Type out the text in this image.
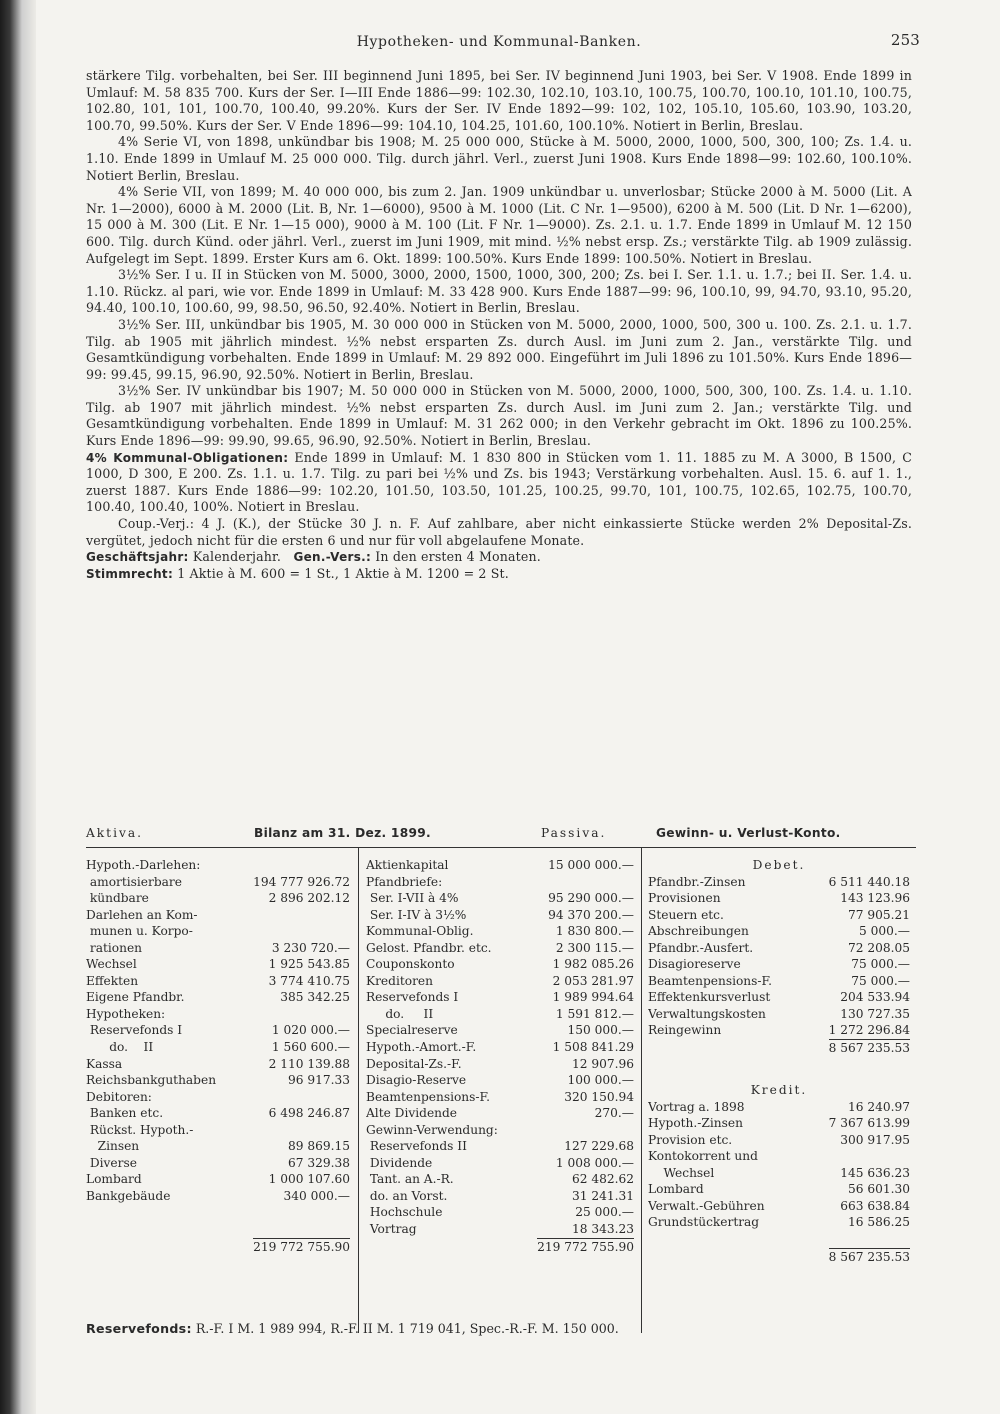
Hypotheken- und Kommunal-Banken.	253

stärkere Tilg. vorbehalten, bei Ser. III beginnend Juni 1895, bei Ser. IV beginnend Juni 1903, bei Ser. V 1908. Ende 1899 in Umlauf: M. 58 835 700. Kurs der Ser. I—III Ende 1886—99: 102.30, 102.10, 103.10, 100.75, 100.70, 100.10, 101.10, 100.75, 102.80, 101, 101, 100.70, 100.40, 99.20%. Kurs der Ser. IV Ende 1892—99: 102, 102, 105.10, 105.60, 103.90, 103.20, 100.70, 99.50%. Kurs der Ser. V Ende 1896—99: 104.10, 104.25, 101.60, 100.10%. Notiert in Berlin, Breslau.

4% Serie VI, von 1898, unkündbar bis 1908; M. 25 000 000, Stücke à M. 5000, 2000, 1000, 500, 300, 100; Zs. 1.4. u. 1.10. Ende 1899 in Umlauf M. 25 000 000. Tilg. durch jährl. Verl., zuerst Juni 1908. Kurs Ende 1898—99: 102.60, 100.10%. Notiert Berlin, Breslau.

4% Serie VII, von 1899; M. 40 000 000, bis zum 2. Jan. 1909 unkündbar u. unverlosbar; Stücke 2000 à M. 5000 (Lit. A Nr. 1—2000), 6000 à M. 2000 (Lit. B, Nr. 1—6000), 9500 à M. 1000 (Lit. C Nr. 1—9500), 6200 à M. 500 (Lit. D Nr. 1—6200), 15 000 à M. 300 (Lit. E Nr. 1—15 000), 9000 à M. 100 (Lit. F Nr. 1—9000). Zs. 2.1. u. 1.7. Ende 1899 in Umlauf M. 12 150 600. Tilg. durch Künd. oder jährl. Verl., zuerst im Juni 1909, mit mind. ½% nebst ersp. Zs.; verstärkte Tilg. ab 1909 zulässig. Aufgelegt im Sept. 1899. Erster Kurs am 6. Okt. 1899: 100.50%. Kurs Ende 1899: 100.50%. Notiert in Breslau.

3½% Ser. I u. II in Stücken von M. 5000, 3000, 2000, 1500, 1000, 300, 200; Zs. bei I. Ser. 1.1. u. 1.7.; bei II. Ser. 1.4. u. 1.10. Rückz. al pari, wie vor. Ende 1899 in Umlauf: M. 33 428 900. Kurs Ende 1887—99: 96, 100.10, 99, 94.70, 93.10, 95.20, 94.40, 100.10, 100.60, 99, 98.50, 96.50, 92.40%. Notiert in Berlin, Breslau.

3½% Ser. III, unkündbar bis 1905, M. 30 000 000 in Stücken von M. 5000, 2000, 1000, 500, 300 u. 100. Zs. 2.1. u. 1.7. Tilg. ab 1905 mit jährlich mindest. ½% nebst ersparten Zs. durch Ausl. im Juni zum 2. Jan., verstärkte Tilg. und Gesamtkündigung vorbehalten. Ende 1899 in Umlauf: M. 29 892 000. Eingeführt im Juli 1896 zu 101.50%. Kurs Ende 1896—99: 99.45, 99.15, 96.90, 92.50%. Notiert in Berlin, Breslau.

3½% Ser. IV unkündbar bis 1907; M. 50 000 000 in Stücken von M. 5000, 2000, 1000, 500, 300, 100. Zs. 1.4. u. 1.10. Tilg. ab 1907 mit jährlich mindest. ½% nebst ersparten Zs. durch Ausl. im Juni zum 2. Jan.; verstärkte Tilg. und Gesamtkündigung vorbehalten. Ende 1899 in Umlauf: M. 31 262 000; in den Verkehr gebracht im Okt. 1896 zu 100.25%. Kurs Ende 1896—99: 99.90, 99.65, 96.90, 92.50%. Notiert in Berlin, Breslau.

4% Kommunal-Obligationen: Ende 1899 in Umlauf: M. 1 830 800 in Stücken vom 1. 11. 1885 zu M. A 3000, B 1500, C 1000, D 300, E 200. Zs. 1.1. u. 1.7. Tilg. zu pari bei ½% und Zs. bis 1943; Verstärkung vorbehalten. Ausl. 15. 6. auf 1. 1., zuerst 1887. Kurs Ende 1886—99: 102.20, 101.50, 103.50, 101.25, 100.25, 99.70, 101, 100.75, 102.65, 102.75, 100.70, 100.40, 100.40, 100%. Notiert in Breslau.

Coup.-Verj.: 4 J. (K.), der Stücke 30 J. n. F. Auf zahlbare, aber nicht einkassierte Stücke werden 2% Deposital-Zs. vergütet, jedoch nicht für die ersten 6 und nur für voll abgelaufene Monate.

Geschäftsjahr: Kalenderjahr. Gen.-Vers.: In den ersten 4 Monaten.

Stimmrecht: 1 Aktie à M. 600 = 1 St., 1 Aktie à M. 1200 = 2 St.

Aktiva.	Bilanz am 31. Dez. 1899.	Passiva.	Gewinn- u. Verlust-Konto.
Hypoth.-Darlehen:
amortisierbare	194 777 926.72
kündbare	2 896 202.12
Darlehen an Kom-
munen u. Korpo-
rationen	3 230 720.—
Wechsel	1 925 543.85
Effekten	3 774 410.75
Eigene Pfandbr.	385 342.25
Hypotheken:
Reservefonds I	1 020 000.—
do.    II	1 560 600.—
Kassa	2 110 139.88
Reichsbankguthaben	96 917.33
Debitoren:
Banken etc.	6 498 246.87
Rückst. Hypoth.-
Zinsen	89 869.15
Diverse	67 329.38
Lombard	1 000 107.60
Bankgebäude	340 000.—
219 772 755.90
Aktienkapital	15 000 000.—
Pfandbriefe:
Ser. I-VII à 4%	95 290 000.—
Ser. I-IV à 3½%	94 370 200.—
Kommunal-Oblig.	1 830 800.—
Gelost. Pfandbr. etc.	2 300 115.—
Couponskonto	1 982 085.26
Kreditoren	2 053 281.97
Reservefonds I	1 989 994.64
do.     II	1 591 812.—
Specialreserve	150 000.—
Hypoth.-Amort.-F.	1 508 841.29
Deposital-Zs.-F.	12 907.96
Disagio-Reserve	100 000.—
Beamtenpensions-F.	320 150.94
Alte Dividende	270.—
Gewinn-Verwendung:
Reservefonds II	127 229.68
Dividende	1 008 000.—
Tant. an A.-R.	62 482.62
do. an Vorst.	31 241.31
Hochschule	25 000.—
Vortrag	18 343.23
219 772 755.90
Debet.
Pfandbr.-Zinsen	6 511 440.18
Provisionen	143 123.96
Steuern etc.	77 905.21
Abschreibungen	5 000.—
Pfandbr.-Ausfert.	72 208.05
Disagioreserve	75 000.—
Beamtenpensions-F.	75 000.—
Effektenkursverlust	204 533.94
Verwaltungskosten	130 727.35
Reingewinn	1 272 296.84
8 567 235.53
Kredit.
Vortrag a. 1898	16 240.97
Hypoth.-Zinsen	7 367 613.99
Provision etc.	300 917.95
Kontokorrent und
Wechsel	145 636.23
Lombard	56 601.30
Verwalt.-Gebühren	663 638.84
Grundstückertrag	16 586.25
8 567 235.53
Reservefonds: R.-F. I M. 1 989 994, R.-F. II M. 1 719 041, Spec.-R.-F. M. 150 000.
